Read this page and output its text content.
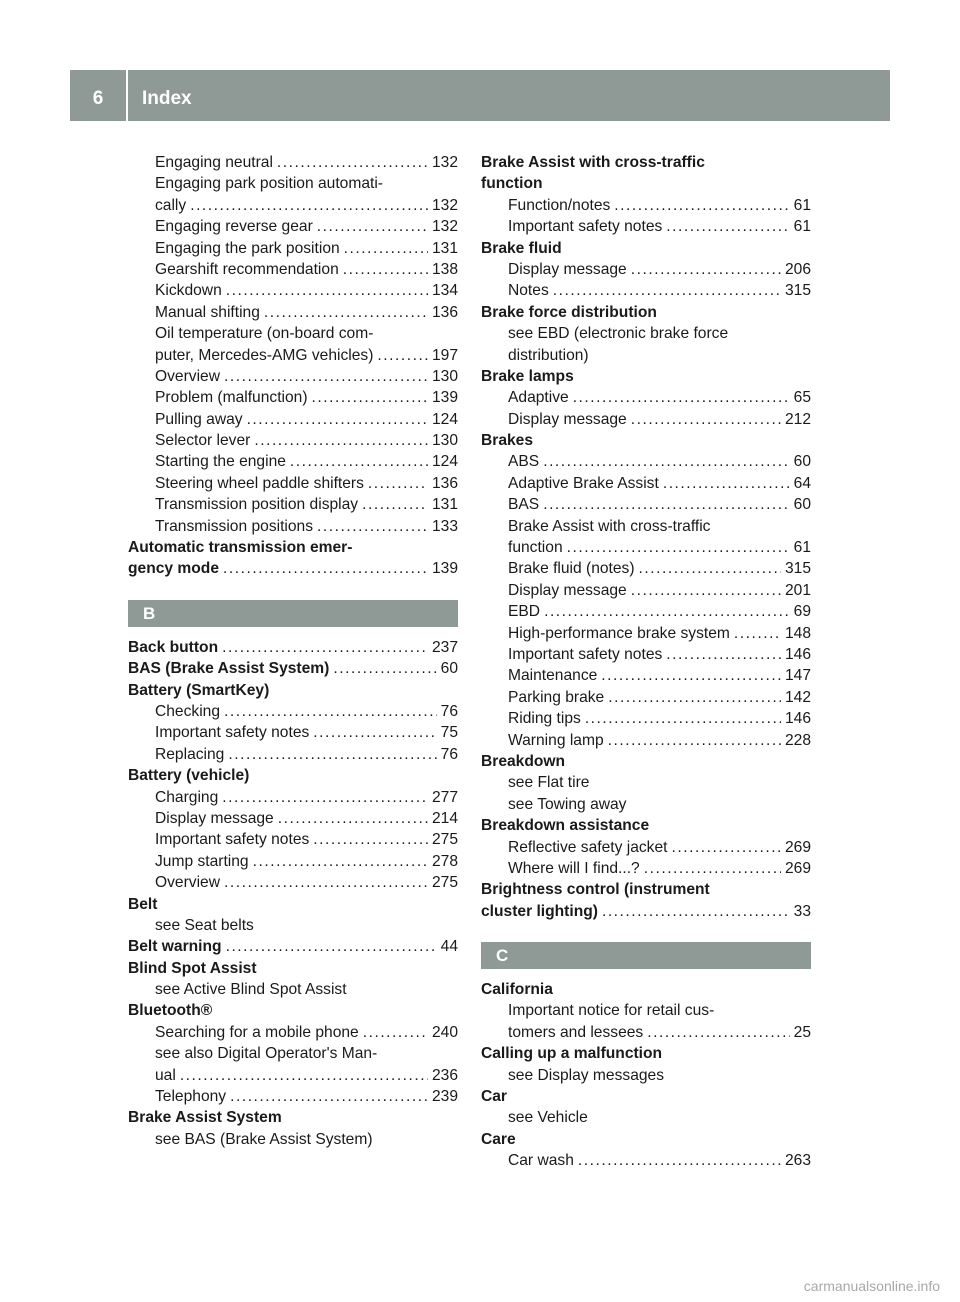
6	Index
Engaging neutral . . .	132
Engaging park position automati-
cally . . .	132
Engaging reverse gear . . .	132
Engaging the park position . . .	131
Gearshift recommendation . . .	138
Kickdown . . .	134
Manual shifting . . .	136
Oil temperature (on-board com-
puter, Mercedes-AMG vehicles) . . .	197
Overview . . .	130
Problem (malfunction) . . .	139
Pulling away . . .	124
Selector lever . . .	130
Starting the engine . . .	124
Steering wheel paddle shifters . . .	136
Transmission position display . . .	131
Transmission positions . . .	133
Automatic transmission emer-
gency mode . . .	139
B
Back button . . .	237
BAS (Brake Assist System) . . .	60
Battery (SmartKey)
Checking . . .	76
Important safety notes . . .	75
Replacing . . .	76
Battery (vehicle)
Charging . . .	277
Display message . . .	214
Important safety notes . . .	275
Jump starting . . .	278
Overview . . .	275
Belt
see Seat belts
Belt warning . . .	44
Blind Spot Assist
see Active Blind Spot Assist
Bluetooth®
Searching for a mobile phone . . .	240
see also Digital Operator's Man-
ual . . .	236
Telephony . . .	239
Brake Assist System
see BAS (Brake Assist System)
Brake Assist with cross-traffic
function
Function/notes . . .	61
Important safety notes . . .	61
Brake fluid
Display message . . .	206
Notes . . .	315
Brake force distribution
see EBD (electronic brake force
distribution)
Brake lamps
Adaptive . . .	65
Display message . . .	212
Brakes
ABS . . .	60
Adaptive Brake Assist . . .	64
BAS . . .	60
Brake Assist with cross-traffic
function . . .	61
Brake fluid (notes) . . .	315
Display message . . .	201
EBD . . .	69
High-performance brake system . . .	148
Important safety notes . . .	146
Maintenance . . .	147
Parking brake . . .	142
Riding tips . . .	146
Warning lamp . . .	228
Breakdown
see Flat tire
see Towing away
Breakdown assistance
Reflective safety jacket . . .	269
Where will I find...? . . .	269
Brightness control (instrument
cluster lighting) . . .	33
C
California
Important notice for retail cus-
tomers and lessees . . .	25
Calling up a malfunction
see Display messages
Car
see Vehicle
Care
Car wash . . .	263
carmanualsonline.info
